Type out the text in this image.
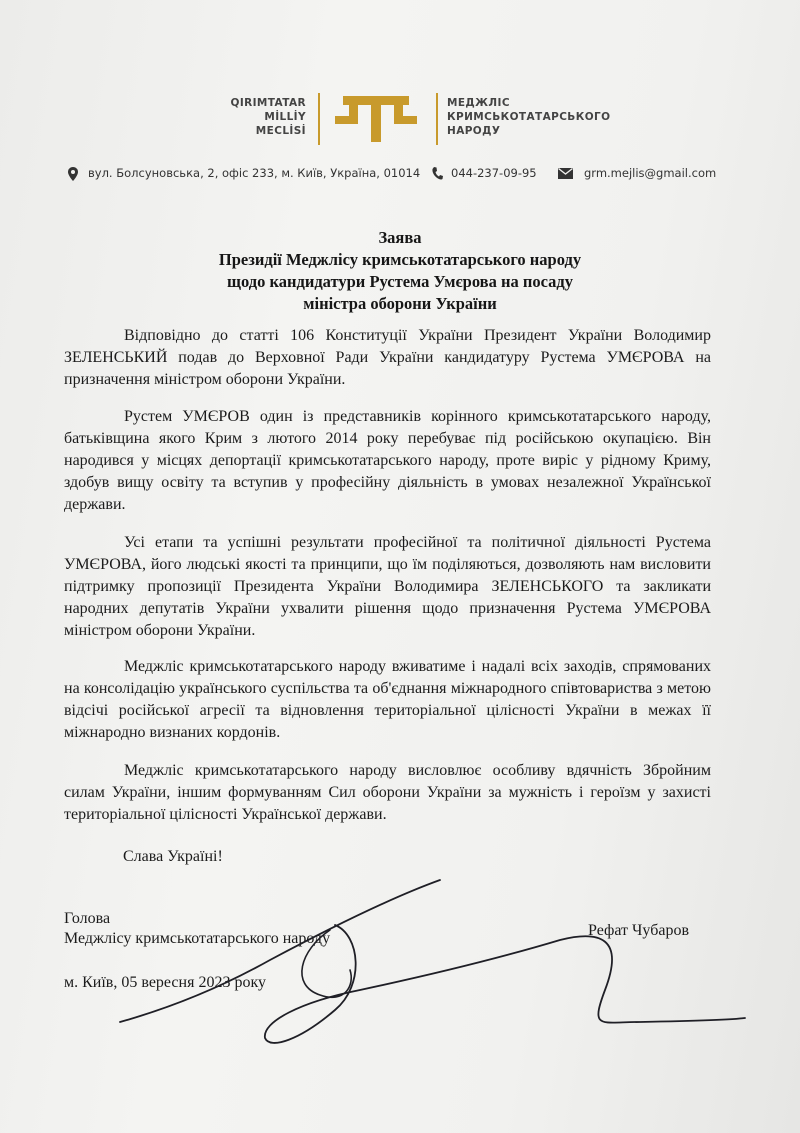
QIRIMTATAR
MİLLİY
MECLİSİ
МЕДЖЛІС
КРИМСЬКОТАТАРСЬКОГО
НАРОДУ
вул. Болсуновська, 2, офіс 233, м. Київ, Україна, 01014	044-237-09-95	grm.mejlis@gmail.com
Заява
Президії Меджлісу кримськотатарського народу
щодо кандидатури Рустема Умєрова на посаду
міністра оборони України
Відповідно до статті 106 Конституції України Президент України Володимир ЗЕЛЕНСЬКИЙ подав до Верховної Ради України кандидатуру Рустема УМЄРОВА на призначення міністром оборони України.
Рустем УМЄРОВ один із представників корінного кримськотатарського народу, батьківщина якого Крим з лютого 2014 року перебуває під російською окупацією. Він народився у місцях депортації кримськотатарського народу, проте виріс у рідному Криму, здобув вищу освіту та вступив у професійну діяльність в умовах незалежної Української держави.
Усі етапи та успішні результати професійної та політичної діяльності Рустема УМЄРОВА, його людські якості та принципи, що їм поділяються, дозволяють нам висловити підтримку пропозиції Президента України Володимира ЗЕЛЕНСЬКОГО та закликати народних депутатів України ухвалити рішення щодо призначення Рустема УМЄРОВА міністром оборони України.
Меджліс кримськотатарського народу вживатиме і надалі всіх заходів, спрямованих на консолідацію українського суспільства та об'єднання міжнародного співтовариства з метою відсічі російської агресії та відновлення територіальної цілісності України в межах її міжнародно визнаних кордонів.
Меджліс кримськотатарського народу висловлює особливу вдячність Збройним силам України, іншим формуванням Сил оборони України за мужність і героїзм у захисті територіальної цілісності Української держави.
Слава Україні!
Голова
Меджлісу кримськотатарського народу	Рефат Чубаров
м. Київ, 05 вересня 2023 року
